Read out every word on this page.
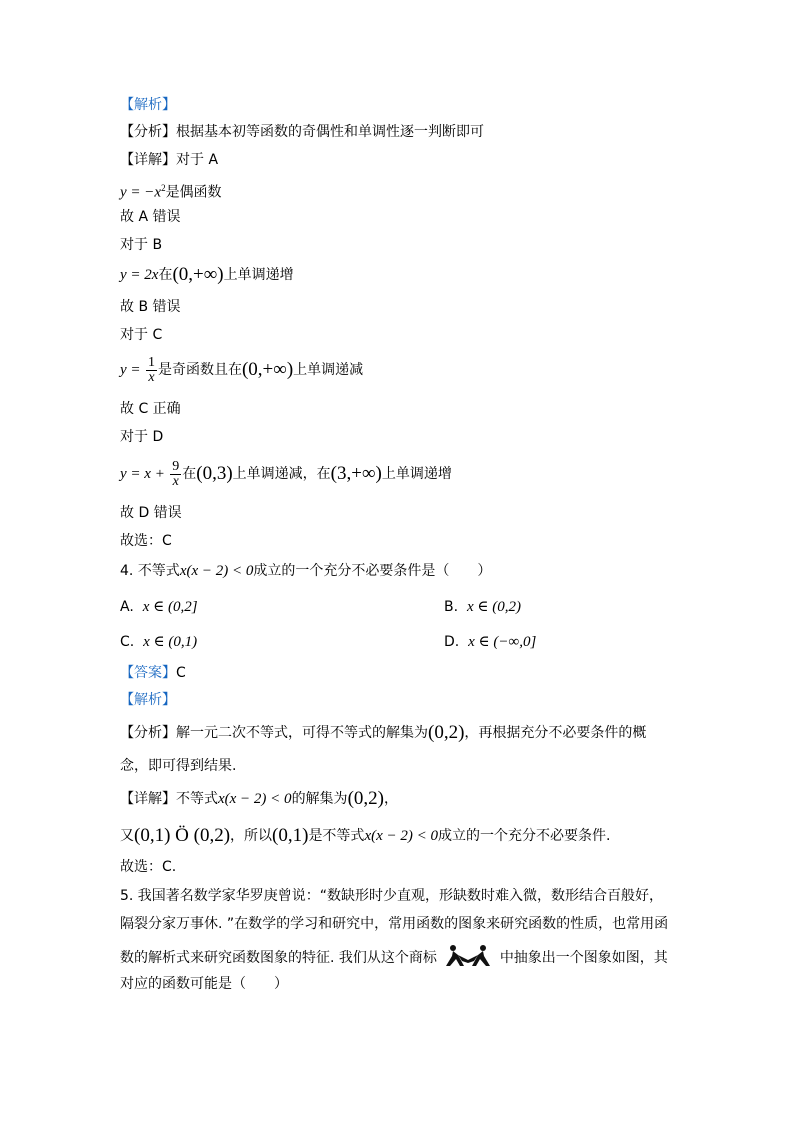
【解析】
【分析】根据基本初等函数的奇偶性和单调性逐一判断即可
【详解】对于 A
$y = -x^2$是偶函数
故 A 错误
对于 B
y = 2x在(0,+∞)上单调递增
故 B 错误
对于 C
$y = \frac{1}{x}$ 是奇函数且在(0,+∞)上单调递减
故 C 正确
对于 D
$y = x + \frac{9}{x}$ 在(0,3)上单调递减，在(3,+∞)上单调递增
故 D 错误
故选：C
4. 不等式x(x − 2) < 0成立的一个充分不必要条件是（　　）
A. x ∈ (0,2]	B. x ∈ (0,2)
C. x ∈ (0,1)	D. x ∈ (−∞,0]
【答案】C
【解析】
【分析】解一元二次不等式，可得不等式的解集为(0,2)，再根据充分不必要条件的概
念，即可得到结果.
【详解】不等式x(x − 2) < 0的解集为(0,2)，
又(0,1) Ö (0,2)，所以(0,1)是不等式x(x − 2) < 0成立的一个充分不必要条件.
故选：C.
5. 我国著名数学家华罗庚曾说：“数缺形时少直观，形缺数时难入微，数形结合百般好，
隔裂分家万事休. ”在数学的学习和研究中，常用函数的图象来研究函数的性质，也常用函
数的解析式来研究函数图象的特征. 我们从这个商标	中抽象出一个图象如图，其
对应的函数可能是（　　）
